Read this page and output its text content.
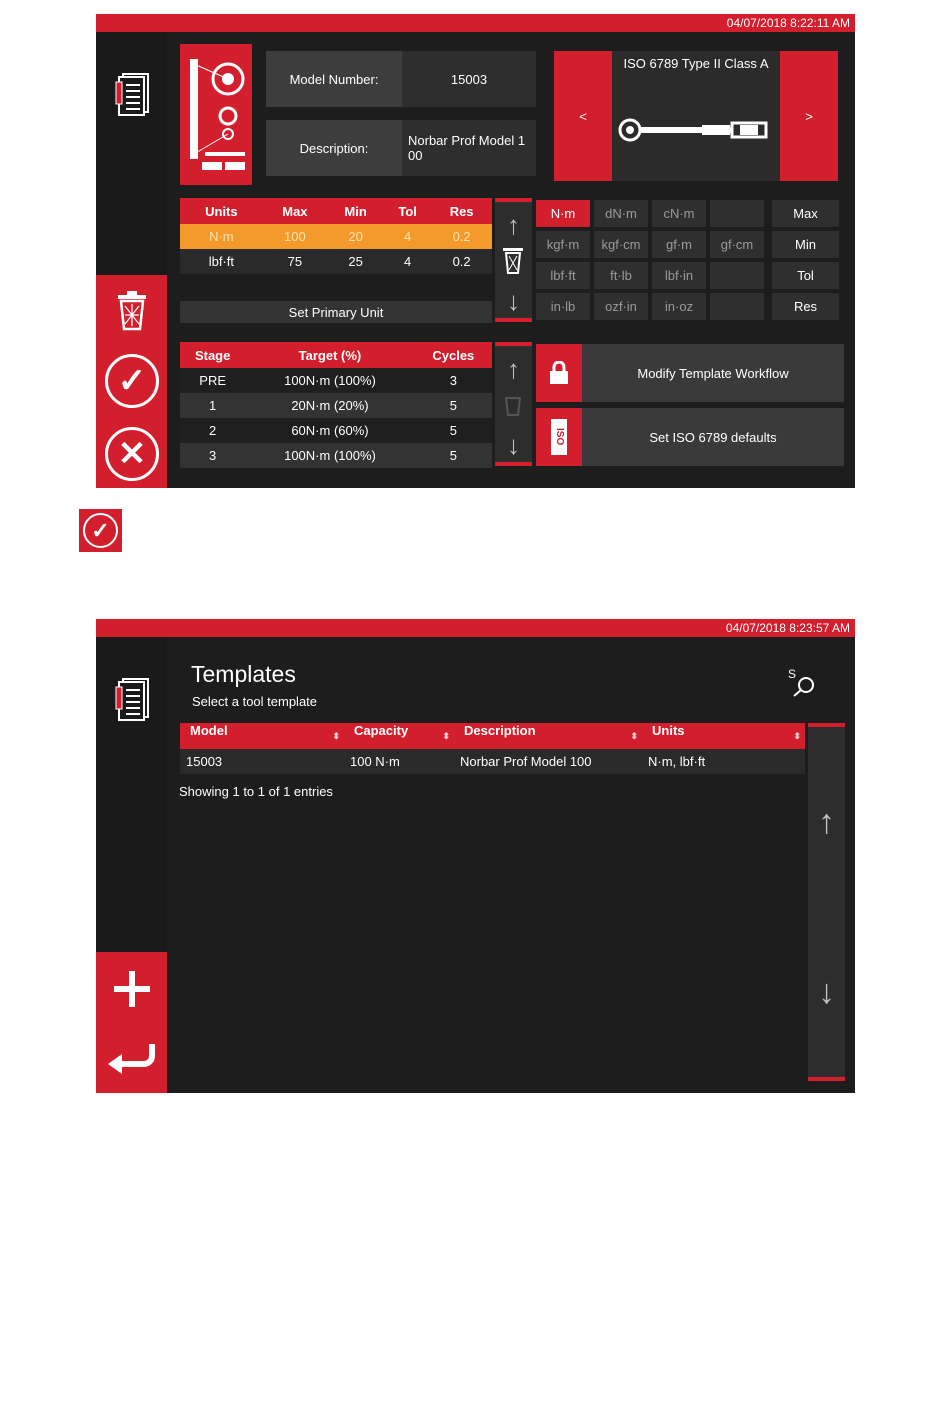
04/07/2018 8:22:11 AM
✓
✕
Model Number:	15003
Description:	Norbar Prof Model 100
<	>
ISO 6789 Type II Class A
Units	Max	Min	Tol	Res
N·m	100	20	4	0.2
lbf·ft	75	25	4	0.2
Set Primary Unit
↑
↓
N·m	dN·m	cN·m
kgf·m	kgf·cm	gf·m	gf·cm
lbf·ft	ft·lb	lbf·in
in·lb	ozf·in	in·oz
Max
Min
Tol
Res
Stage	Target (%)	Cycles
PRE	100N·m (100%)	3
1	20N·m (20%)	5
2	60N·m (60%)	5
3	100N·m (100%)	5
↑
↓
Modify Template Workflow
ISO	Set ISO 6789 defaults
✓
04/07/2018 8:23:57 AM
Templates
Select a tool template
S
Model ⬍	Capacity ⬍	Description ⬍	Units ⬍

15003	100 N·m	Norbar Prof Model 100	N·m, lbf·ft
Showing 1 to 1 of 1 entries
↑
↓
